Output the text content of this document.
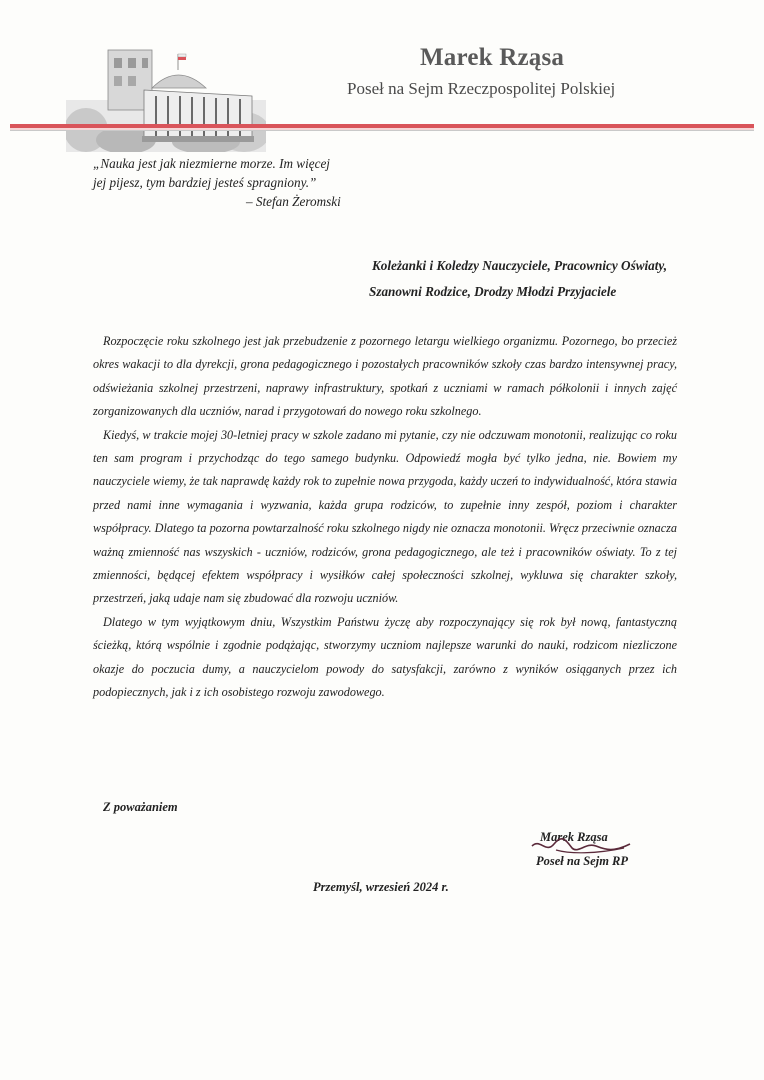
Marek Rząsa
Poseł na Sejm Rzeczpospolitej Polskiej
„Nauka jest jak niezmierne morze. Im więcej
jej pijesz, tym bardziej jesteś spragniony.”
– Stefan Żeromski
Koleżanki i Koledzy Nauczyciele, Pracownicy Oświaty,
Szanowni Rodzice, Drodzy Młodzi Przyjaciele

Rozpoczęcie roku szkolnego jest jak przebudzenie z pozornego letargu wielkiego organizmu. Pozornego, bo przecież okres wakacji to dla dyrekcji, grona pedagogicznego i pozostałych pracowników szkoły czas bardzo intensywnej pracy, odświeżania szkolnej przestrzeni, naprawy infrastruktury, spotkań z uczniami w ramach półkolonii i innych zajęć zorganizowanych dla uczniów, narad i przygotowań do nowego roku szkolnego.

Kiedyś, w trakcie mojej 30-letniej pracy w szkole zadano mi pytanie, czy nie odczuwam monotonii, realizując co roku ten sam program i przychodząc do tego samego budynku. Odpowiedź mogła być tylko jedna, nie. Bowiem my nauczyciele wiemy, że tak naprawdę każdy rok to zupełnie nowa przygoda, każdy uczeń to indywidualność, która stawia przed nami inne wymagania i wyzwania, każda grupa rodziców, to zupełnie inny zespół, poziom i charakter współpracy. Dlatego ta pozorna powtarzalność roku szkolnego nigdy nie oznacza monotonii. Wręcz przeciwnie oznacza ważną zmienność nas wszyskich - uczniów, rodziców, grona pedagogicznego, ale też i pracowników oświaty. To z tej zmienności, będącej efektem współpracy i wysiłków całej społeczności szkolnej, wykluwa się charakter szkoły, przestrzeń, jaką udaje nam się zbudować dla rozwoju uczniów.

Dlatego w tym wyjątkowym dniu, Wszystkim Państwu życzę aby rozpoczynający się rok był nową, fantastyczną ścieżką, którą wspólnie i zgodnie podążając, stworzymy uczniom najlepsze warunki do nauki, rodzicom niezliczone okazje do poczucia dumy, a nauczycielom powody do satysfakcji, zarówno z wyników osiąganych przez ich podopiecznych, jak i z ich osobistego rozwoju zawodowego.

Z poważaniem
Marek Rząsa
Poseł na Sejm RP
Przemyśl, wrzesień 2024 r.
